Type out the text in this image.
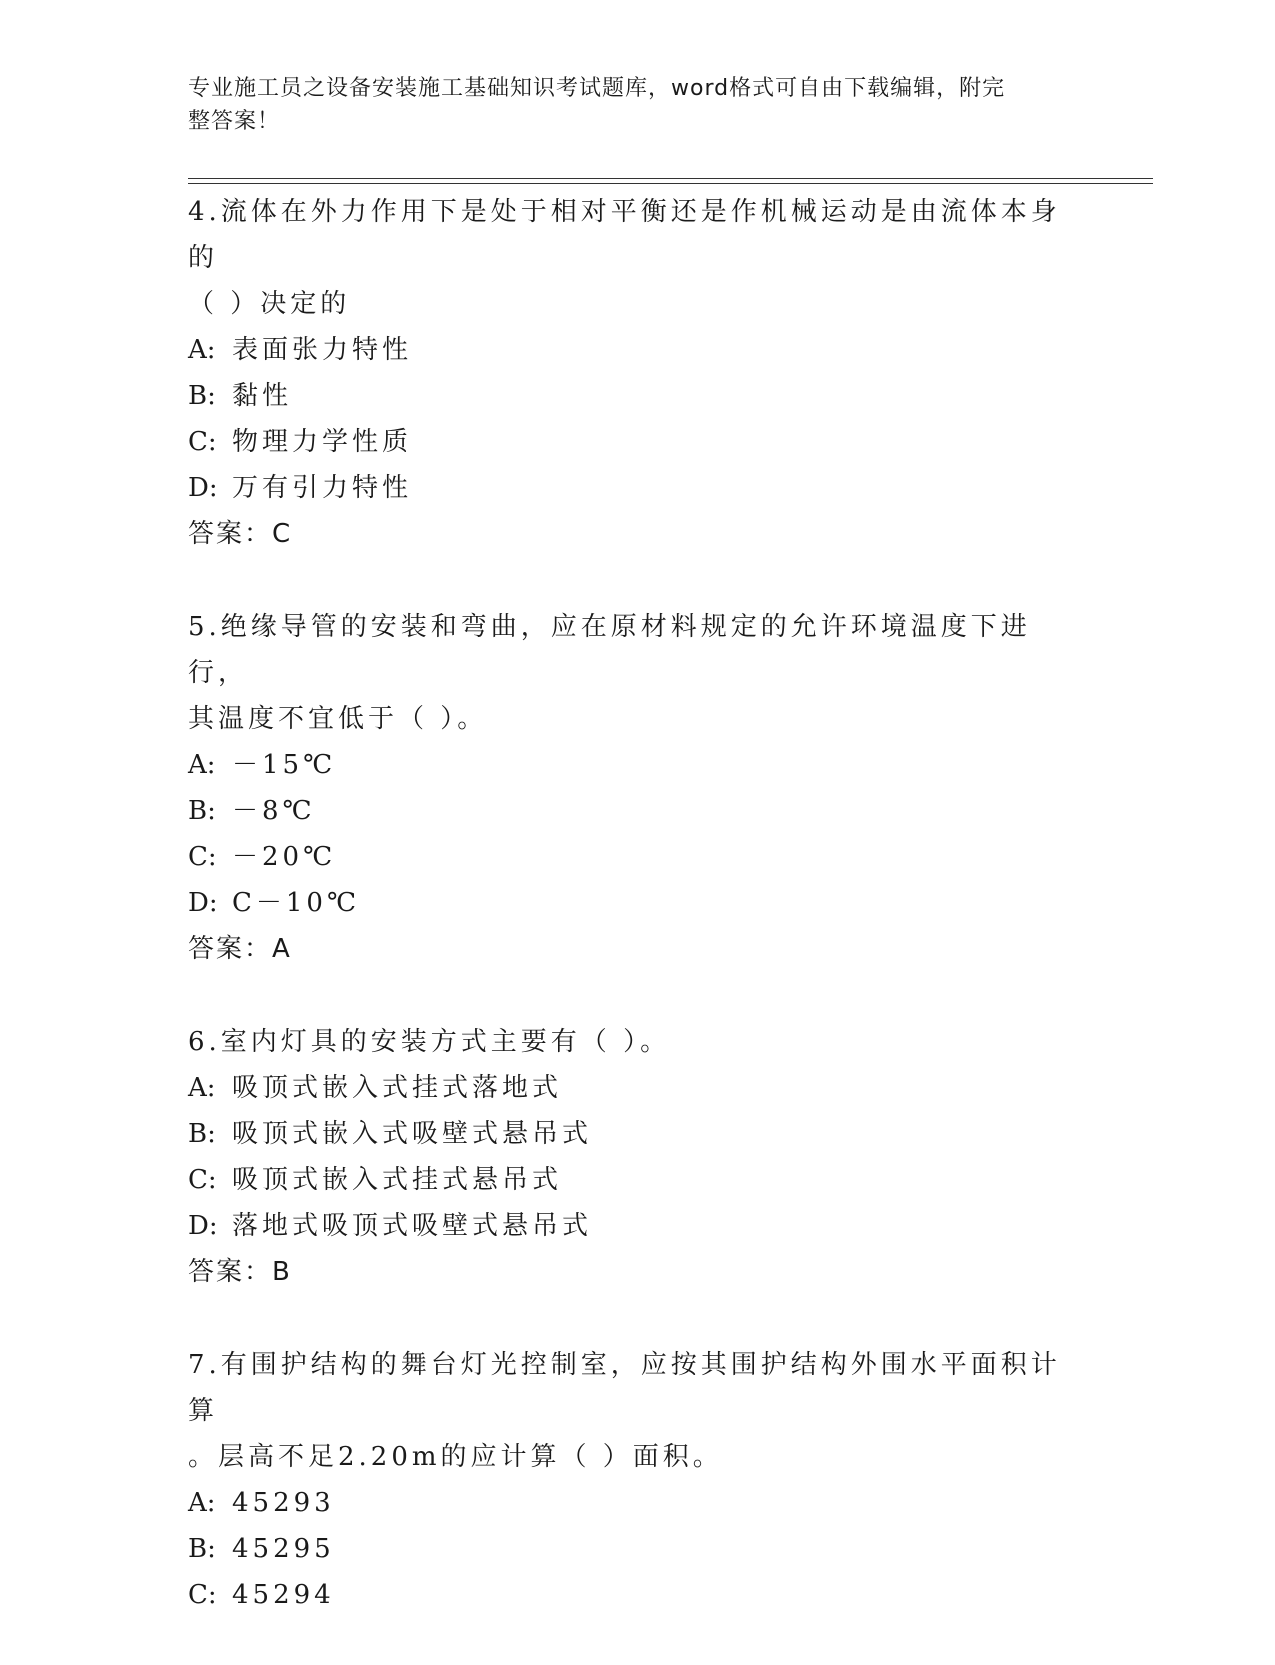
专业施工员之设备安装施工基础知识考试题库，word格式可自由下载编辑，附完
整答案！

4.流体在外力作用下是处于相对平衡还是作机械运动是由流体本身的

（ ）决定的

A: 表面张力特性

B: 黏性

C: 物理力学性质

D: 万有引力特性

答案：C

5.绝缘导管的安装和弯曲，应在原材料规定的允许环境温度下进行，

其温度不宜低于（ ）。

A: －15℃

B: －8℃

C: －20℃

D: C－10℃

答案：A

6.室内灯具的安装方式主要有（ ）。

A: 吸顶式嵌入式挂式落地式

B: 吸顶式嵌入式吸壁式悬吊式

C: 吸顶式嵌入式挂式悬吊式

D: 落地式吸顶式吸壁式悬吊式

答案：B

7.有围护结构的舞台灯光控制室，应按其围护结构外围水平面积计算

。层高不足2.20m的应计算（ ）面积。

A: 45293

B: 45295

C: 45294
